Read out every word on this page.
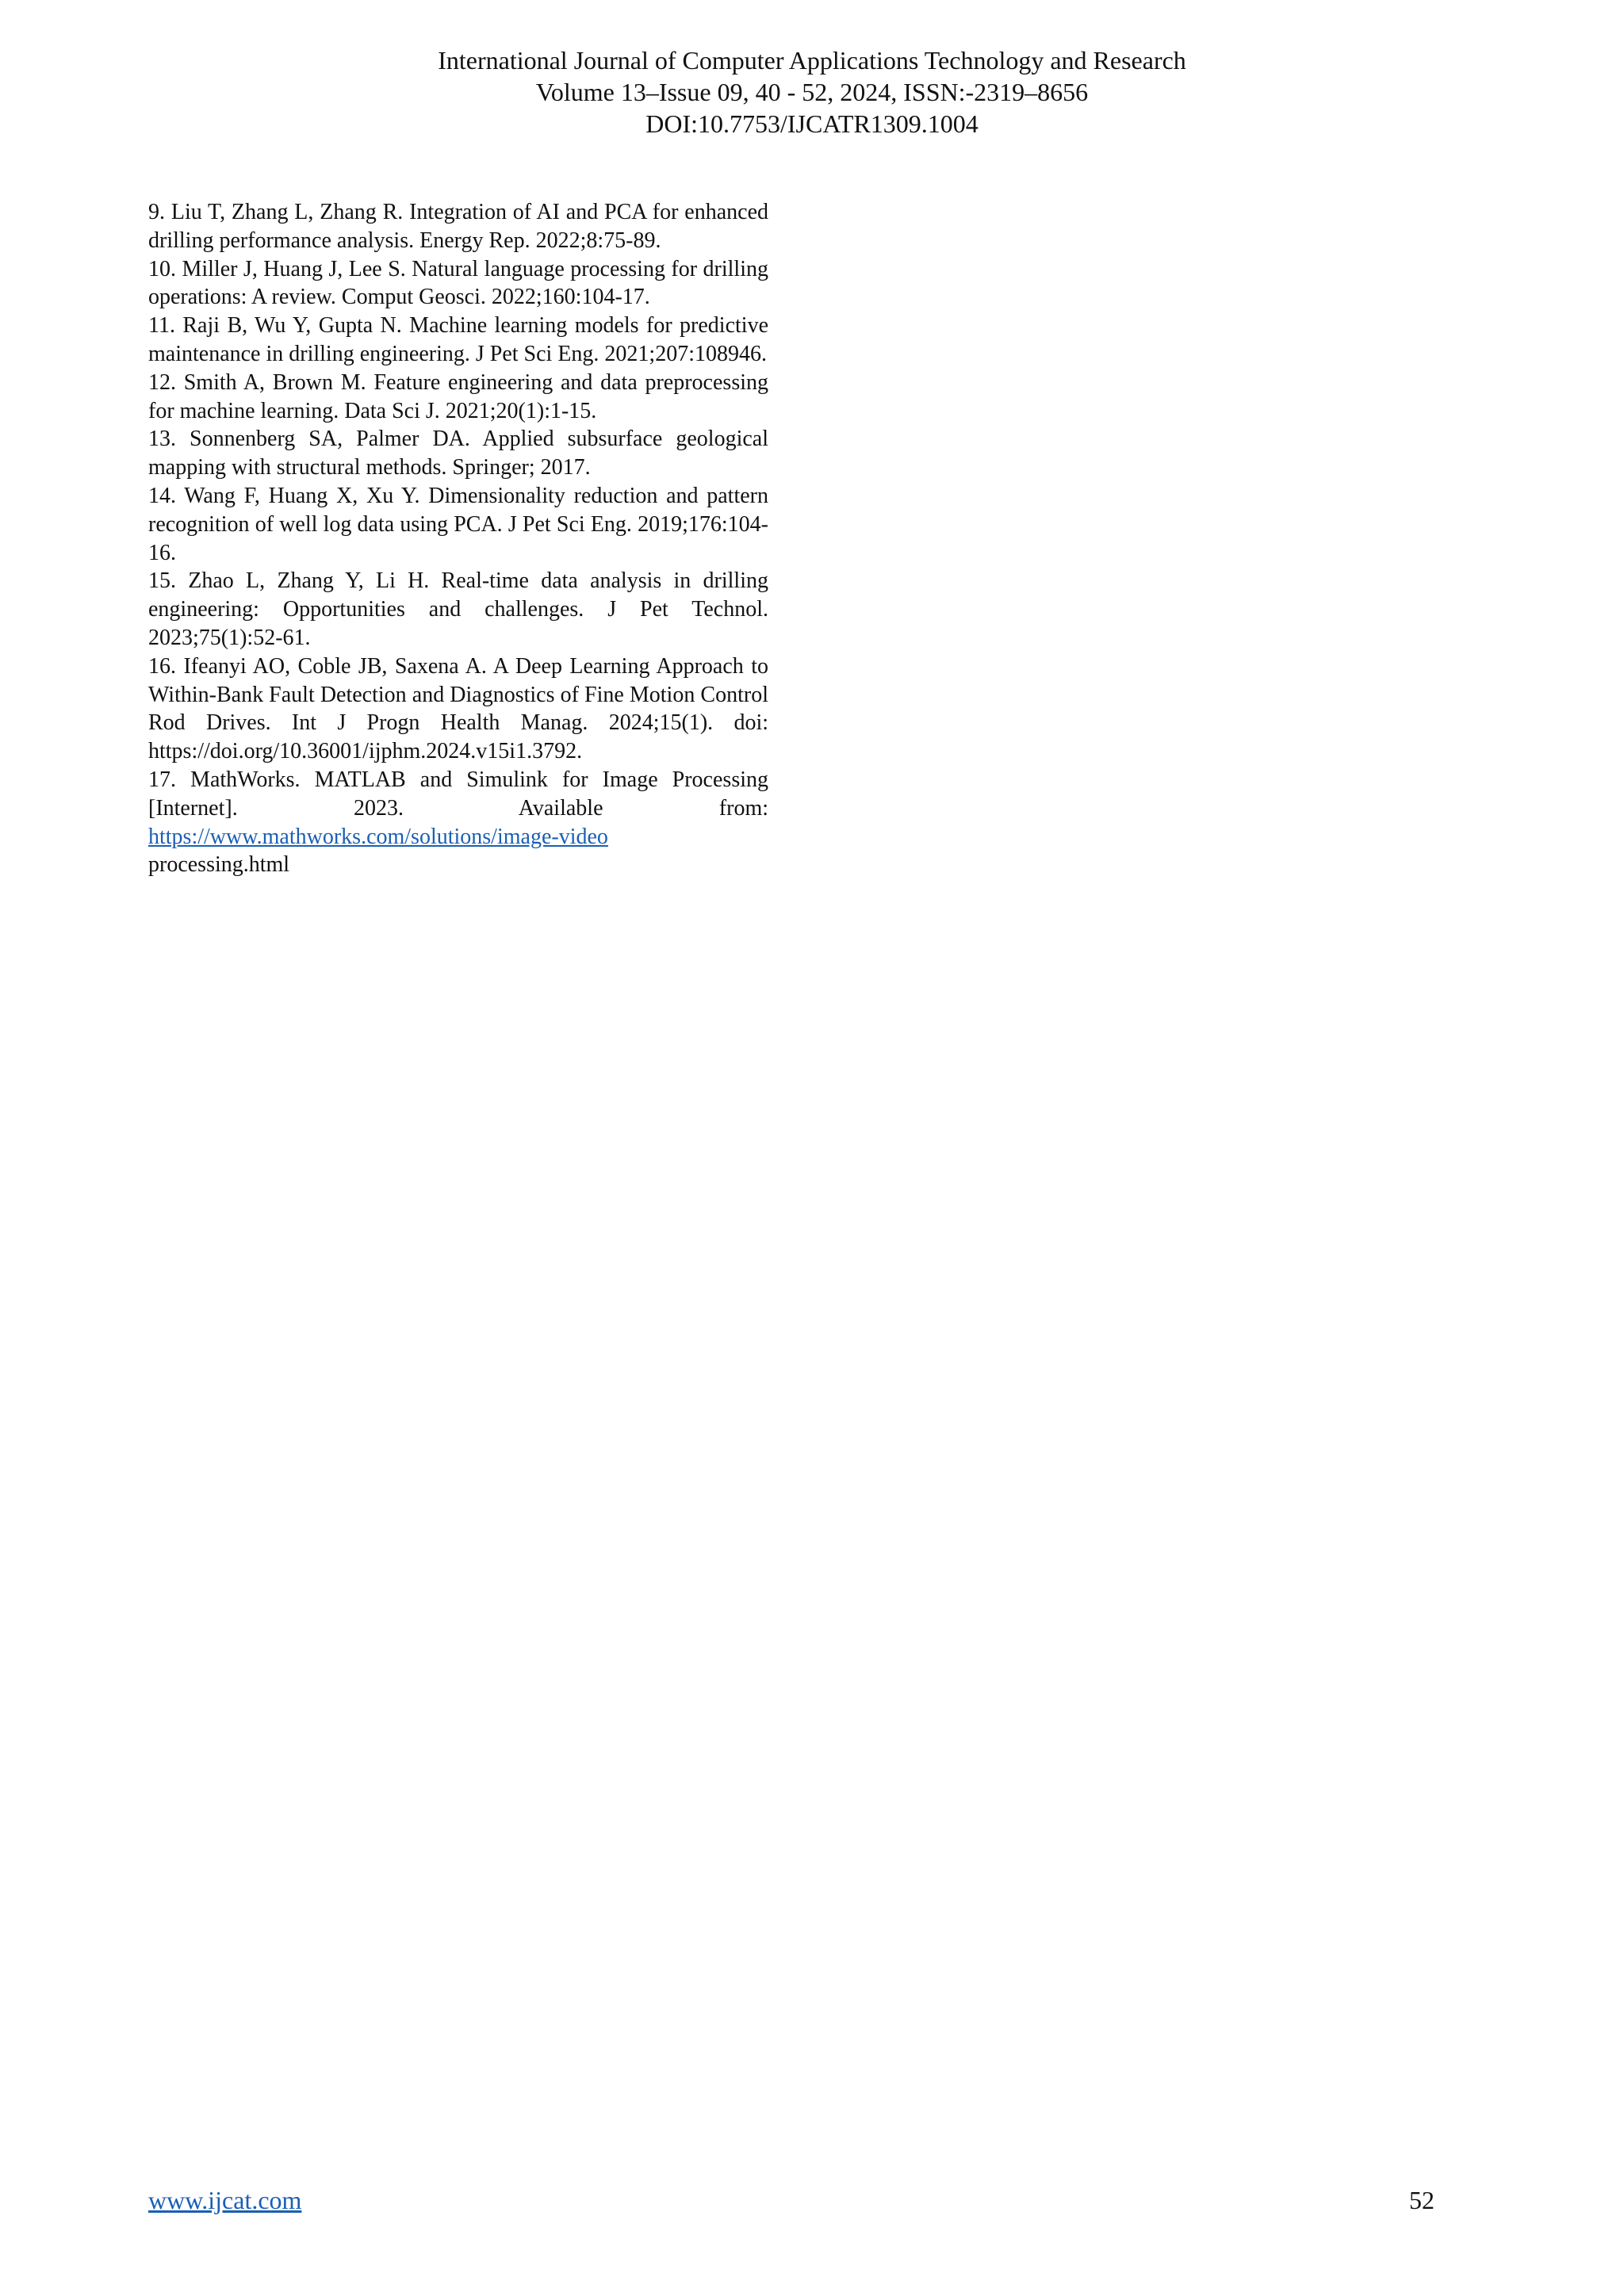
International Journal of Computer Applications Technology and Research
Volume 13–Issue 09, 40 - 52, 2024, ISSN:-2319–8656
DOI:10.7753/IJCATR1309.1004
9. Liu T, Zhang L, Zhang R. Integration of AI and PCA for enhanced drilling performance analysis. Energy Rep. 2022;8:75-89.
10. Miller J, Huang J, Lee S. Natural language processing for drilling operations: A review. Comput Geosci. 2022;160:104-17.
11. Raji B, Wu Y, Gupta N. Machine learning models for predictive maintenance in drilling engineering. J Pet Sci Eng. 2021;207:108946.
12. Smith A, Brown M. Feature engineering and data preprocessing for machine learning. Data Sci J. 2021;20(1):1-15.
13. Sonnenberg SA, Palmer DA. Applied subsurface geological mapping with structural methods. Springer; 2017.
14. Wang F, Huang X, Xu Y. Dimensionality reduction and pattern recognition of well log data using PCA. J Pet Sci Eng. 2019;176:104-16.
15. Zhao L, Zhang Y, Li H. Real-time data analysis in drilling engineering: Opportunities and challenges. J Pet Technol. 2023;75(1):52-61.
16. Ifeanyi AO, Coble JB, Saxena A. A Deep Learning Approach to Within-Bank Fault Detection and Diagnostics of Fine Motion Control Rod Drives. Int J Progn Health Manag. 2024;15(1). doi:
https://doi.org/10.36001/ijphm.2024.v15i1.3792.
17. MathWorks. MATLAB and Simulink for Image Processing [Internet]. 2023. Available from:
https://www.mathworks.com/solutions/image-video
processing.html
www.ijcat.com	52
